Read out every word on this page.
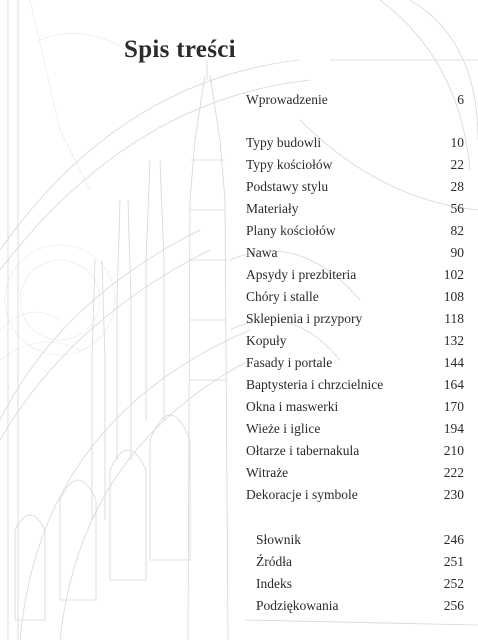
Spis treści
Wprowadzenie	6
Typy budowli	10
Typy kościołów	22
Podstawy stylu	28
Materiały	56
Plany kościołów	82
Nawa	90
Apsydy i prezbiteria	102
Chóry i stalle	108
Sklepienia i przypory	118
Kopuły	132
Fasady i portale	144
Baptysteria i chrzcielnice	164
Okna i maswerki	170
Wieże i iglice	194
Ołtarze i tabernakula	210
Witraże	222
Dekoracje i symbole	230
Słownik	246
Źródła	251
Indeks	252
Podziękowania	256
